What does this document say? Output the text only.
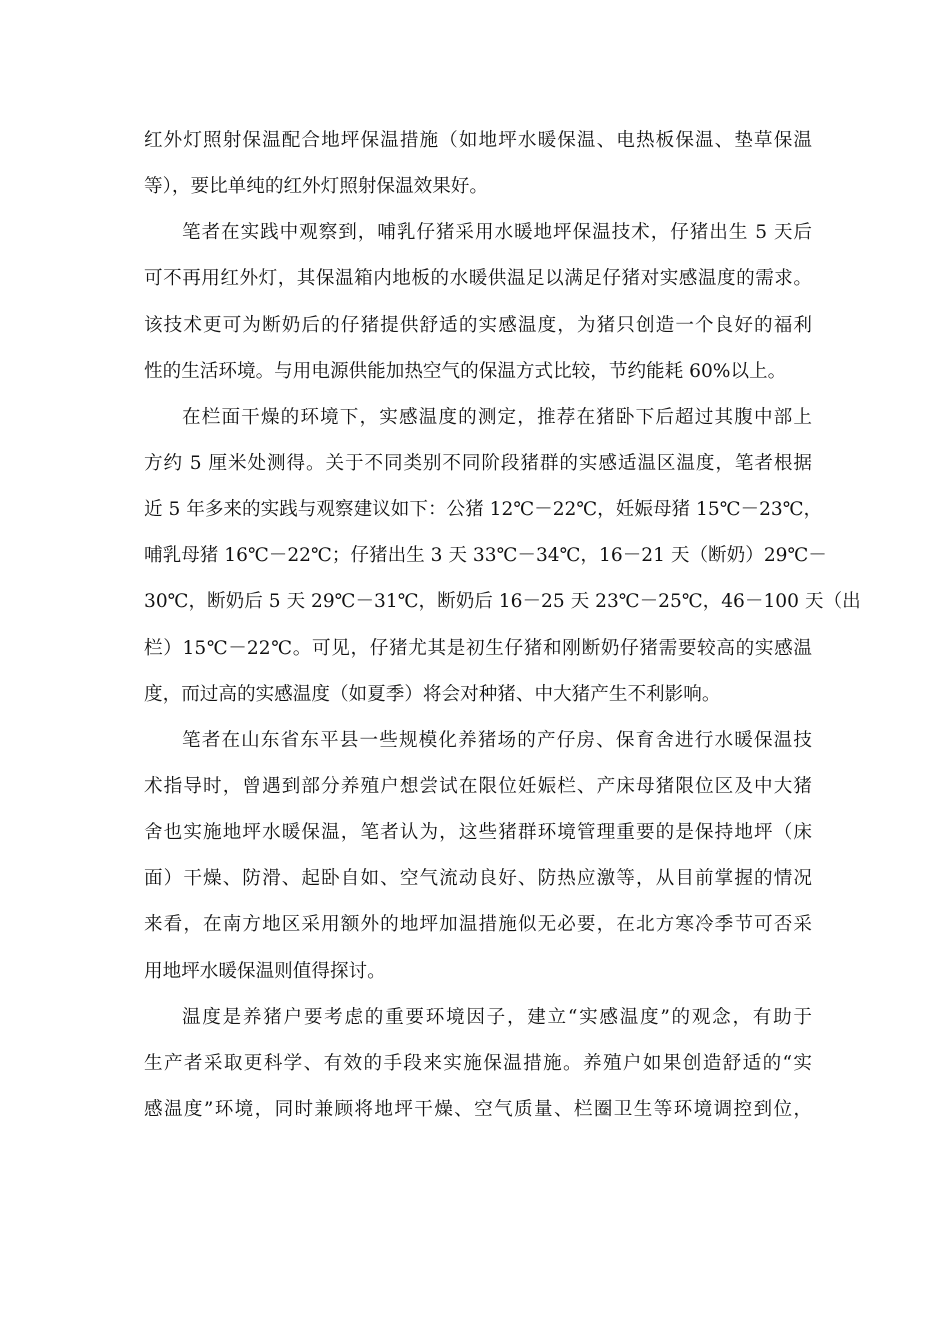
红外灯照射保温配合地坪保温措施（如地坪水暖保温、电热板保温、垫草保温
等），要比单纯的红外灯照射保温效果好。
笔者在实践中观察到，哺乳仔猪采用水暖地坪保温技术，仔猪出生 5 天后
可不再用红外灯，其保温箱内地板的水暖供温足以满足仔猪对实感温度的需求。
该技术更可为断奶后的仔猪提供舒适的实感温度，为猪只创造一个良好的福利
性的生活环境。与用电源供能加热空气的保温方式比较，节约能耗 60%以上。
在栏面干燥的环境下，实感温度的测定，推荐在猪卧下后超过其腹中部上
方约 5 厘米处测得。关于不同类别不同阶段猪群的实感适温区温度，笔者根据
近 5 年多来的实践与观察建议如下：公猪 12℃－22℃，妊娠母猪 15℃－23℃，
哺乳母猪 16℃－22℃；仔猪出生 3 天 33℃－34℃，16－21 天（断奶）29℃－
30℃，断奶后 5 天 29℃－31℃，断奶后 16－25 天 23℃－25℃，46－100 天（出
栏）15℃－22℃。可见，仔猪尤其是初生仔猪和刚断奶仔猪需要较高的实感温
度，而过高的实感温度（如夏季）将会对种猪、中大猪产生不利影响。
笔者在山东省东平县一些规模化养猪场的产仔房、保育舍进行水暖保温技
术指导时，曾遇到部分养殖户想尝试在限位妊娠栏、产床母猪限位区及中大猪
舍也实施地坪水暖保温，笔者认为，这些猪群环境管理重要的是保持地坪（床
面）干燥、防滑、起卧自如、空气流动良好、防热应激等，从目前掌握的情况
来看，在南方地区采用额外的地坪加温措施似无必要，在北方寒冷季节可否采
用地坪水暖保温则值得探讨。
温度是养猪户要考虑的重要环境因子，建立“实感温度”的观念，有助于
生产者采取更科学、有效的手段来实施保温措施。养殖户如果创造舒适的“实
感温度”环境，同时兼顾将地坪干燥、空气质量、栏圈卫生等环境调控到位，
